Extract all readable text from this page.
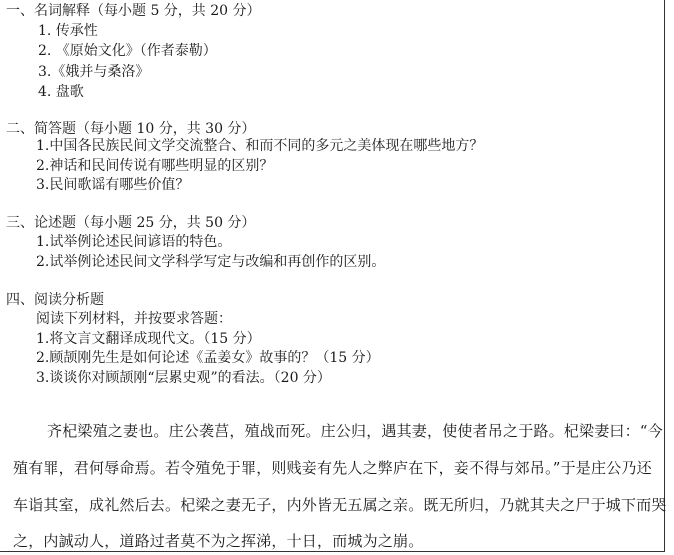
一、名词解释（每小题 5 分，共 20 分）
1. 传承性
2. 《原始文化》（作者泰勒）
3.《娥并与桑洛》
4. 盘歌
二、简答题（每小题 10 分，共 30 分）
1.中国各民族民间文学交流整合、和而不同的多元之美体现在哪些地方？
2.神话和民间传说有哪些明显的区别？
3.民间歌谣有哪些价值？
三、论述题（每小题 25 分，共 50 分）
1.试举例论述民间谚语的特色。
2.试举例论述民间文学科学写定与改编和再创作的区别。
四、阅读分析题
阅读下列材料，并按要求答题：
1.将文言文翻译成现代文。（15 分）
2.顾颉刚先生是如何论述《孟姜女》故事的？（15 分）
3.谈谈你对顾颉刚“层累史观”的看法。（20 分）
齐杞梁殖之妻也。庄公袭莒，殖战而死。庄公归，遇其妻，使使者吊之于路。杞梁妻曰：“今
殖有罪，君何辱命焉。若令殖免于罪，则贱妾有先人之弊庐在下，妾不得与郊吊。”于是庄公乃还
车诣其室，成礼然后去。杞梁之妻无子，内外皆无五属之亲。既无所归，乃就其夫之尸于城下而哭
之，内誠动人，道路过者莫不为之挥涕，十日，而城为之崩。
